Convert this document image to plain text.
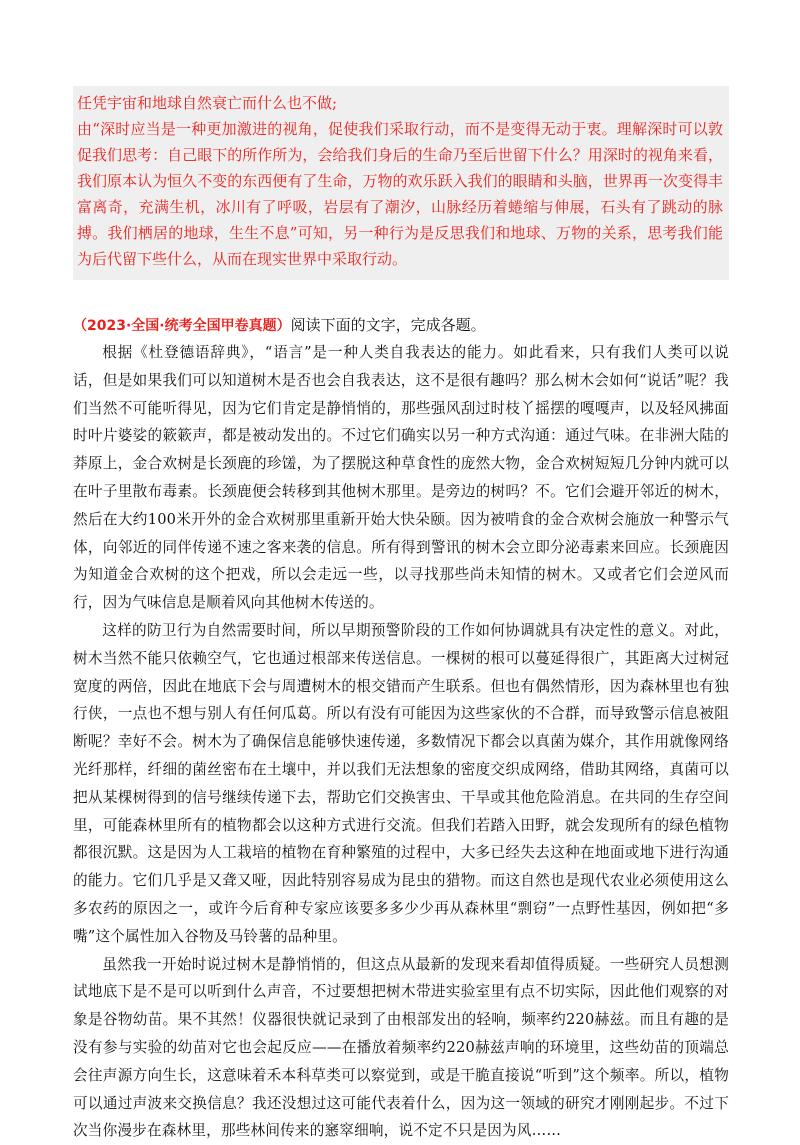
任凭宇宙和地球自然衰亡而什么也不做;

由“深时应当是一种更加激进的视角，促使我们采取行动，而不是变得无动于衷。理解深时可以敦促我们思考：自己眼下的所作所为，会给我们身后的生命乃至后世留下什么？用深时的视角来看，我们原本认为恒久不变的东西便有了生命，万物的欢乐跃入我们的眼睛和头脑，世界再一次变得丰富离奇，充满生机，冰川有了呼吸，岩层有了潮汐，山脉经历着蜷缩与伸展，石头有了跳动的脉搏。我们栖居的地球，生生不息”可知，另一种行为是反思我们和地球、万物的关系，思考我们能为后代留下些什么，从而在现实世界中采取行动。

（2023·全国·统考全国甲卷真题）阅读下面的文字，完成各题。

根据《杜登德语辞典》，“语言”是一种人类自我表达的能力。如此看来，只有我们人类可以说话，但是如果我们可以知道树木是否也会自我表达，这不是很有趣吗？那么树木会如何“说话”呢？我们当然不可能听得见，因为它们肯定是静悄悄的，那些强风刮过时枝丫摇摆的嘎嘎声，以及轻风拂面时叶片婆娑的簌簌声，都是被动发出的。不过它们确实以另一种方式沟通：通过气味。在非洲大陆的莽原上，金合欢树是长颈鹿的珍馐，为了摆脱这种草食性的庞然大物，金合欢树短短几分钟内就可以在叶子里散布毒素。长颈鹿便会转移到其他树木那里。是旁边的树吗？不。它们会避开邻近的树木，然后在大约100米开外的金合欢树那里重新开始大快朵颐。因为被啃食的金合欢树会施放一种警示气体，向邻近的同伴传递不速之客来袭的信息。所有得到警讯的树木会立即分泌毒素来回应。长颈鹿因为知道金合欢树的这个把戏，所以会走远一些，以寻找那些尚未知情的树木。又或者它们会逆风而行，因为气味信息是顺着风向其他树木传送的。

这样的防卫行为自然需要时间，所以早期预警阶段的工作如何协调就具有决定性的意义。对此，树木当然不能只依赖空气，它也通过根部来传送信息。一棵树的根可以蔓延得很广，其距离大过树冠宽度的两倍，因此在地底下会与周遭树木的根交错而产生联系。但也有偶然情形，因为森林里也有独行侠，一点也不想与别人有任何瓜葛。所以有没有可能因为这些家伙的不合群，而导致警示信息被阻断呢？幸好不会。树木为了确保信息能够快速传递，多数情况下都会以真菌为媒介，其作用就像网络光纤那样，纤细的菌丝密布在土壤中，并以我们无法想象的密度交织成网络，借助其网络，真菌可以把从某棵树得到的信号继续传递下去，帮助它们交换害虫、干旱或其他危险消息。在共同的生存空间里，可能森林里所有的植物都会以这种方式进行交流。但我们若踏入田野，就会发现所有的绿色植物都很沉默。这是因为人工栽培的植物在育种繁殖的过程中，大多已经失去这种在地面或地下进行沟通的能力。它们几乎是又聋又哑，因此特别容易成为昆虫的猎物。而这自然也是现代农业必须使用这么多农药的原因之一，或许今后育种专家应该要多多少少再从森林里“剽窃”一点野性基因，例如把“多嘴”这个属性加入谷物及马铃薯的品种里。

虽然我一开始时说过树木是静悄悄的，但这点从最新的发现来看却值得质疑。一些研究人员想测试地底下是不是可以听到什么声音，不过要想把树木带进实验室里有点不切实际，因此他们观察的对象是谷物幼苗。果不其然！仪器很快就记录到了由根部发出的轻响，频率约220赫兹。而且有趣的是没有参与实验的幼苗对它也会起反应——在播放着频率约220赫兹声响的环境里，这些幼苗的顶端总会往声源方向生长，这意味着禾本科草类可以察觉到，或是干脆直接说“听到”这个频率。所以，植物可以通过声波来交换信息？我还没想过这可能代表着什么，因为这一领域的研究才刚刚起步。不过下次当你漫步在森林里，那些林间传来的窸窣细响，说不定不只是因为风……
